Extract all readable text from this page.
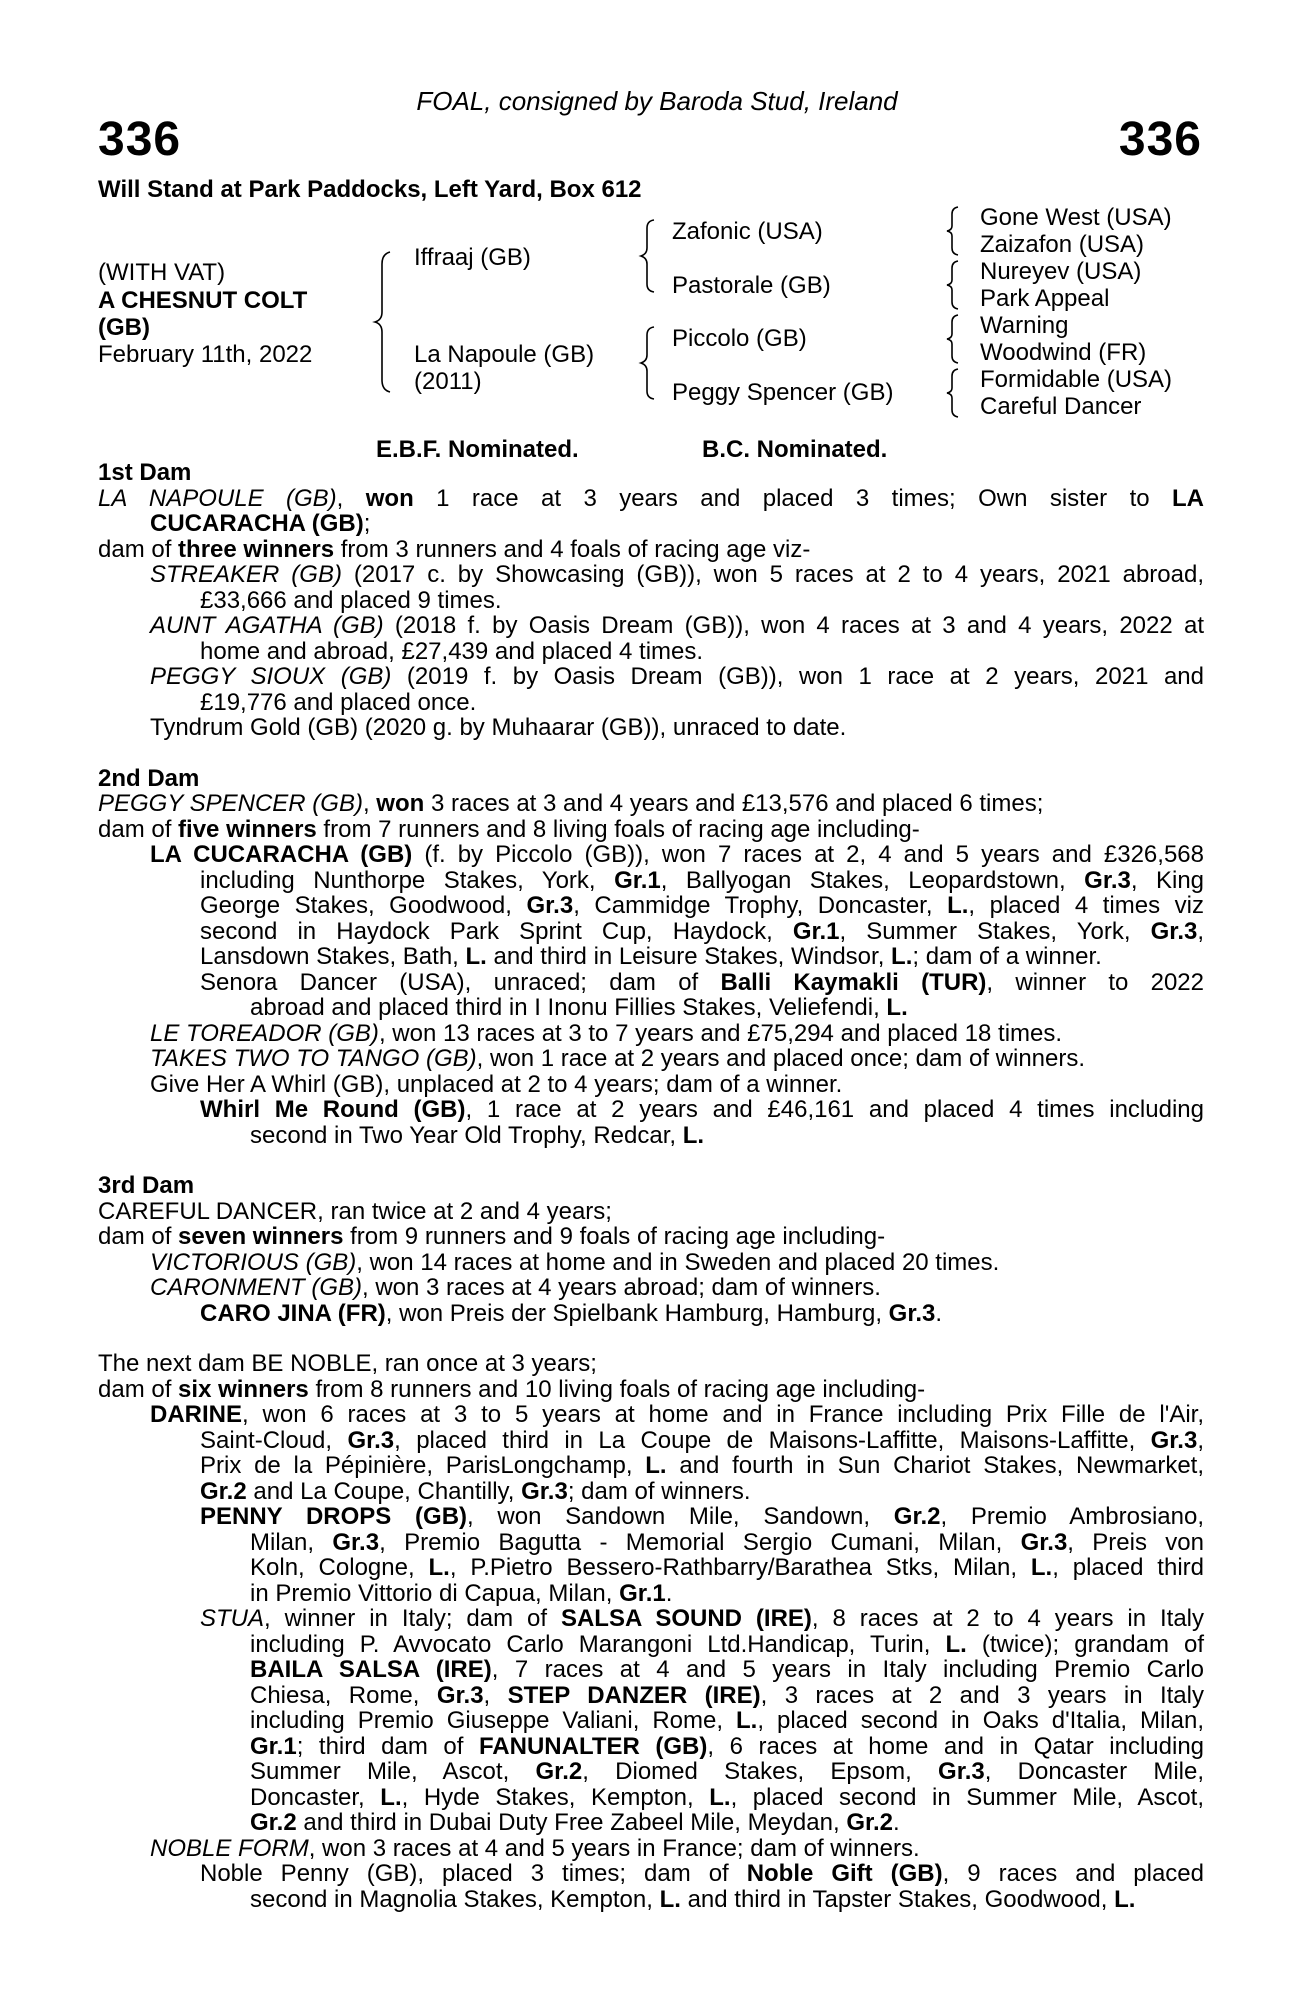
FOAL, consigned by Baroda Stud, Ireland
336	336
Will Stand at Park Paddocks, Left Yard, Box 612
(WITH VAT)
A CHESNUT COLT
(GB)
February 11th, 2022
Iffraaj (GB)
La Napoule (GB)
(2011)
Zafonic (USA)
Pastorale (GB)
Piccolo (GB)
Peggy Spencer (GB)
Gone West (USA)
Zaizafon (USA)
Nureyev (USA)
Park Appeal
Warning
Woodwind (FR)
Formidable (USA)
Careful Dancer
E.B.F. Nominated.	B.C. Nominated.
1st Dam
LA NAPOULE (GB), won 1 race at 3 years and placed 3 times; Own sister to LA
CUCARACHA (GB);
dam of three winners from 3 runners and 4 foals of racing age viz-
STREAKER (GB) (2017 c. by Showcasing (GB)), won 5 races at 2 to 4 years, 2021 abroad,
£33,666 and placed 9 times.
AUNT AGATHA (GB) (2018 f. by Oasis Dream (GB)), won 4 races at 3 and 4 years, 2022 at
home and abroad, £27,439 and placed 4 times.
PEGGY SIOUX (GB) (2019 f. by Oasis Dream (GB)), won 1 race at 2 years, 2021 and
£19,776 and placed once.
Tyndrum Gold (GB) (2020 g. by Muhaarar (GB)), unraced to date.
2nd Dam
PEGGY SPENCER (GB), won 3 races at 3 and 4 years and £13,576 and placed 6 times;
dam of five winners from 7 runners and 8 living foals of racing age including-
LA CUCARACHA (GB) (f. by Piccolo (GB)), won 7 races at 2, 4 and 5 years and £326,568
including Nunthorpe Stakes, York, Gr.1, Ballyogan Stakes, Leopardstown, Gr.3, King
George Stakes, Goodwood, Gr.3, Cammidge Trophy, Doncaster, L., placed 4 times viz
second in Haydock Park Sprint Cup, Haydock, Gr.1, Summer Stakes, York, Gr.3,
Lansdown Stakes, Bath, L. and third in Leisure Stakes, Windsor, L.; dam of a winner.
Senora Dancer (USA), unraced; dam of Balli Kaymakli (TUR), winner to 2022
abroad and placed third in I Inonu Fillies Stakes, Veliefendi, L.
LE TOREADOR (GB), won 13 races at 3 to 7 years and £75,294 and placed 18 times.
TAKES TWO TO TANGO (GB), won 1 race at 2 years and placed once; dam of winners.
Give Her A Whirl (GB), unplaced at 2 to 4 years; dam of a winner.
Whirl Me Round (GB), 1 race at 2 years and £46,161 and placed 4 times including
second in Two Year Old Trophy, Redcar, L.
3rd Dam
CAREFUL DANCER, ran twice at 2 and 4 years;
dam of seven winners from 9 runners and 9 foals of racing age including-
VICTORIOUS (GB), won 14 races at home and in Sweden and placed 20 times.
CARONMENT (GB), won 3 races at 4 years abroad; dam of winners.
CARO JINA (FR), won Preis der Spielbank Hamburg, Hamburg, Gr.3.
The next dam BE NOBLE, ran once at 3 years;
dam of six winners from 8 runners and 10 living foals of racing age including-
DARINE, won 6 races at 3 to 5 years at home and in France including Prix Fille de l'Air,
Saint-Cloud, Gr.3, placed third in La Coupe de Maisons-Laffitte, Maisons-Laffitte, Gr.3,
Prix de la Pépinière, ParisLongchamp, L. and fourth in Sun Chariot Stakes, Newmarket,
Gr.2 and La Coupe, Chantilly, Gr.3; dam of winners.
PENNY DROPS (GB), won Sandown Mile, Sandown, Gr.2, Premio Ambrosiano,
Milan, Gr.3, Premio Bagutta - Memorial Sergio Cumani, Milan, Gr.3, Preis von
Koln, Cologne, L., P.Pietro Bessero-Rathbarry/Barathea Stks, Milan, L., placed third
in Premio Vittorio di Capua, Milan, Gr.1.
STUA, winner in Italy; dam of SALSA SOUND (IRE), 8 races at 2 to 4 years in Italy
including P. Avvocato Carlo Marangoni Ltd.Handicap, Turin, L. (twice); grandam of
BAILA SALSA (IRE), 7 races at 4 and 5 years in Italy including Premio Carlo
Chiesa, Rome, Gr.3, STEP DANZER (IRE), 3 races at 2 and 3 years in Italy
including Premio Giuseppe Valiani, Rome, L., placed second in Oaks d'Italia, Milan,
Gr.1; third dam of FANUNALTER (GB), 6 races at home and in Qatar including
Summer Mile, Ascot, Gr.2, Diomed Stakes, Epsom, Gr.3, Doncaster Mile,
Doncaster, L., Hyde Stakes, Kempton, L., placed second in Summer Mile, Ascot,
Gr.2 and third in Dubai Duty Free Zabeel Mile, Meydan, Gr.2.
NOBLE FORM, won 3 races at 4 and 5 years in France; dam of winners.
Noble Penny (GB), placed 3 times; dam of Noble Gift (GB), 9 races and placed
second in Magnolia Stakes, Kempton, L. and third in Tapster Stakes, Goodwood, L.
